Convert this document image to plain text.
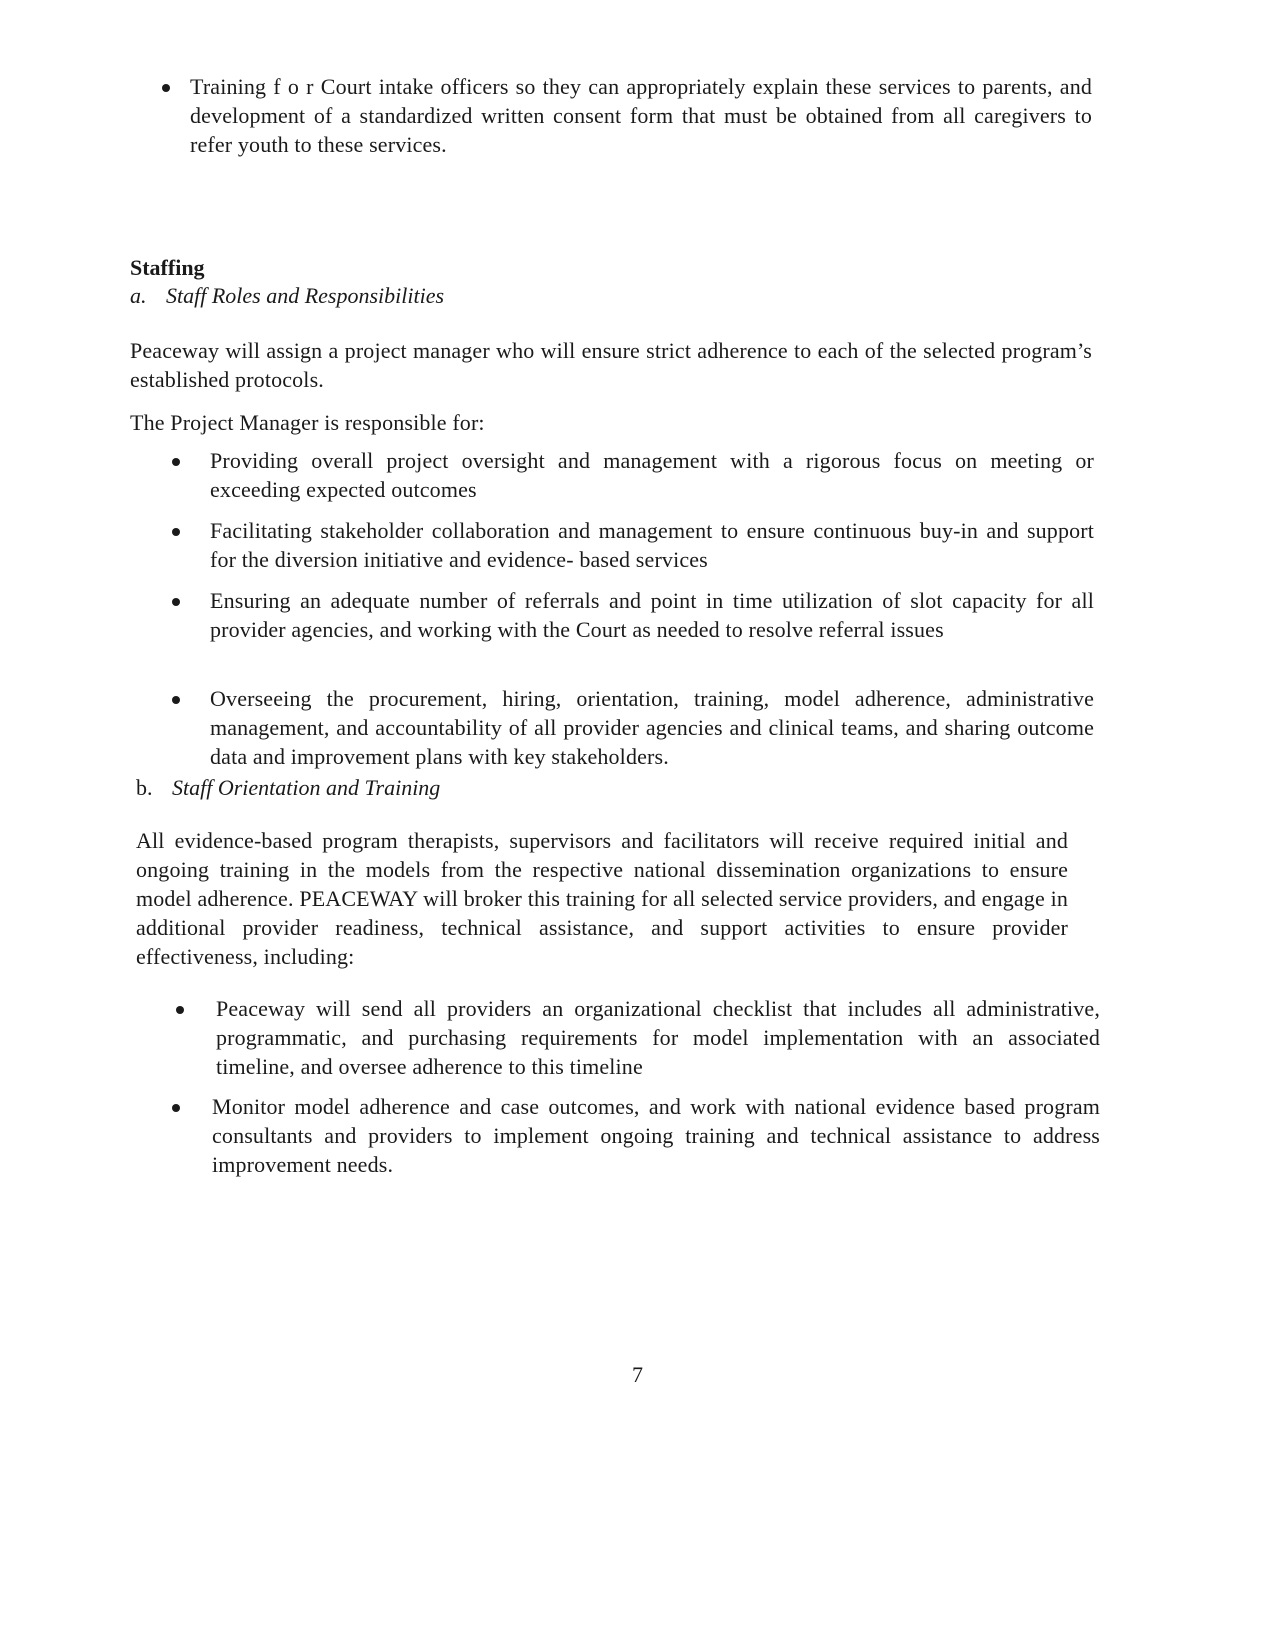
Training f o r Court intake officers so they can appropriately explain these services to parents, and development of a standardized written consent form that must be obtained from all caregivers to refer youth to these services.
Staffing
a. Staff Roles and Responsibilities
Peaceway will assign a project manager who will ensure strict adherence to each of the selected program’s established protocols.
The Project Manager is responsible for:
Providing overall project oversight and management with a rigorous focus on meeting or exceeding expected outcomes
Facilitating stakeholder collaboration and management to ensure continuous buy-in and support for the diversion initiative and evidence- based services
Ensuring an adequate number of referrals and point in time utilization of slot capacity for all provider agencies, and working with the Court as needed to resolve referral issues
Overseeing the procurement, hiring, orientation, training, model adherence, administrative management, and accountability of all provider agencies and clinical teams, and sharing outcome data and improvement plans with key stakeholders.
b. Staff Orientation and Training
All evidence-based program therapists, supervisors and facilitators will receive required initial and ongoing training in the models from the respective national dissemination organizations to ensure model adherence. PEACEWAY will broker this training for all selected service providers, and engage in additional provider readiness, technical assistance, and support activities to ensure provider effectiveness, including:
Peaceway will send all providers an organizational checklist that includes all administrative, programmatic, and purchasing requirements for model implementation with an associated timeline, and oversee adherence to this timeline
Monitor model adherence and case outcomes, and work with national evidence based program consultants and providers to implement ongoing training and technical assistance to address improvement needs.
7
